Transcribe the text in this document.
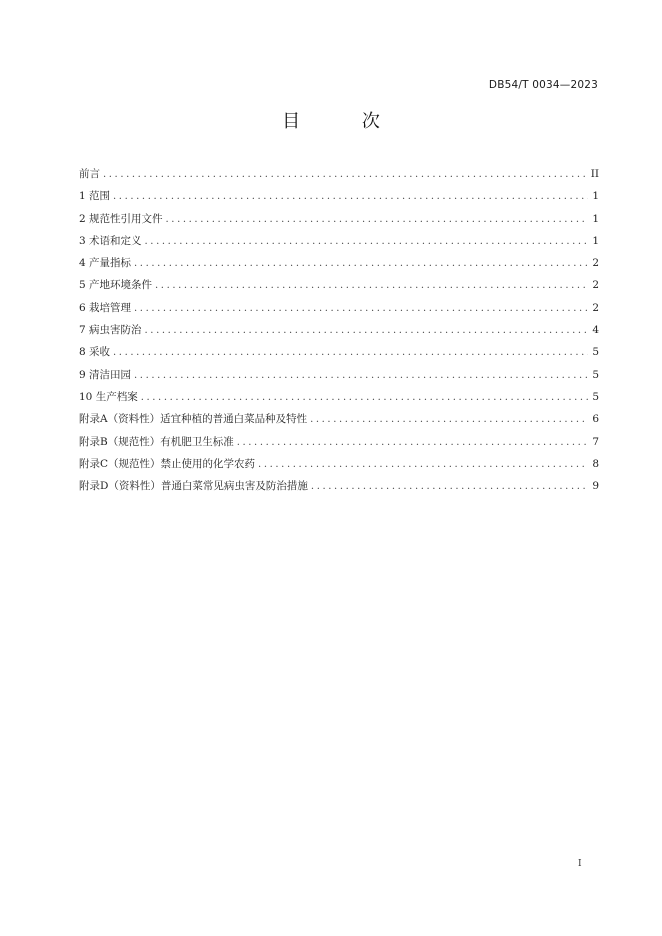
DB54/T 0034—2023
目 次
前言 .....	II
1 范围 .....	1
2 规范性引用文件 .....	1
3 术语和定义 .....	1
4 产量指标 .....	2
5 产地环境条件 .....	2
6 栽培管理 .....	2
7 病虫害防治 .....	4
8 采收 .....	5
9 清洁田园 .....	5
10 生产档案 .....	5
附录A（资料性）适宜种植的普通白菜品种及特性 .....	6
附录B（规范性）有机肥卫生标准 .....	7
附录C（规范性）禁止使用的化学农药 .....	8
附录D（资料性）普通白菜常见病虫害及防治措施 .....	9
I
